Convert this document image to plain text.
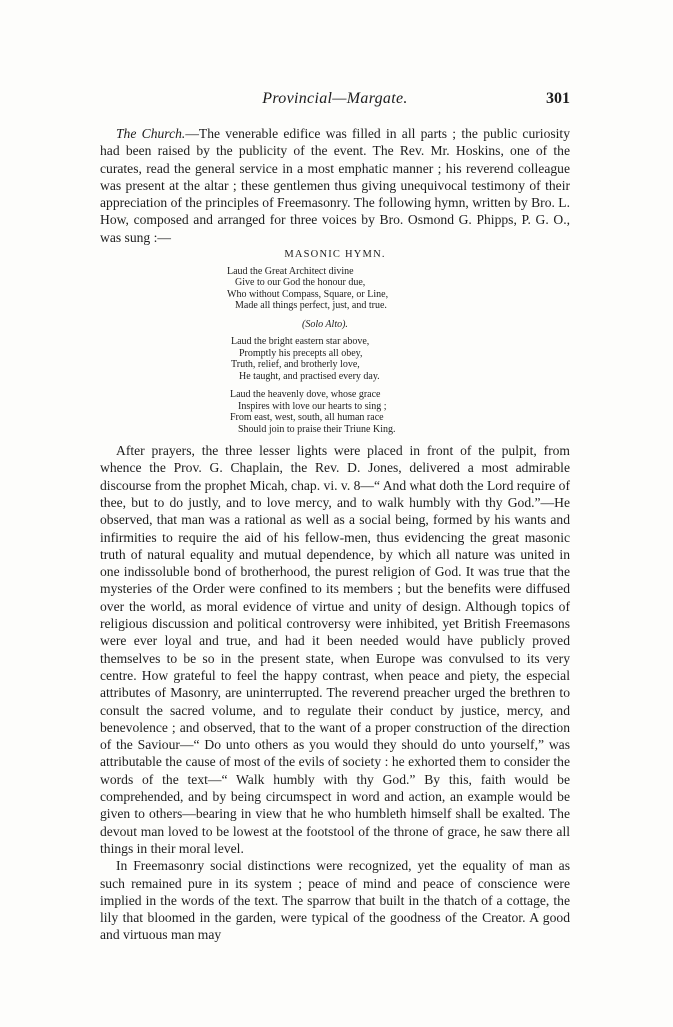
Provincial—Margate.	301

The Church.—The venerable edifice was filled in all parts ; the public curiosity had been raised by the publicity of the event. The Rev. Mr. Hoskins, one of the curates, read the general service in a most emphatic manner ; his reverend colleague was present at the altar ; these gentlemen thus giving unequivocal testimony of their appreciation of the principles of Freemasonry. The following hymn, written by Bro. L. How, composed and arranged for three voices by Bro. Osmond G. Phipps, P. G. O., was sung :—

MASONIC HYMN.
Laud the Great Architect divine
Give to our God the honour due,
Who without Compass, Square, or Line,
Made all things perfect, just, and true.
(Solo Alto).
Laud the bright eastern star above,
Promptly his precepts all obey,
Truth, relief, and brotherly love,
He taught, and practised every day.
Laud the heavenly dove, whose grace
Inspires with love our hearts to sing ;
From east, west, south, all human race
Should join to praise their Triune King.

After prayers, the three lesser lights were placed in front of the pulpit, from whence the Prov. G. Chaplain, the Rev. D. Jones, delivered a most admirable discourse from the prophet Micah, chap. vi. v. 8—“ And what doth the Lord require of thee, but to do justly, and to love mercy, and to walk humbly with thy God.”—He observed, that man was a rational as well as a social being, formed by his wants and infirmities to require the aid of his fellow-men, thus evidencing the great masonic truth of natural equality and mutual dependence, by which all nature was united in one indissoluble bond of brotherhood, the purest religion of God. It was true that the mysteries of the Order were confined to its members ; but the benefits were diffused over the world, as moral evidence of virtue and unity of design. Although topics of religious discussion and political controversy were inhibited, yet British Freemasons were ever loyal and true, and had it been needed would have publicly proved themselves to be so in the present state, when Europe was convulsed to its very centre. How grateful to feel the happy contrast, when peace and piety, the especial attributes of Masonry, are uninterrupted. The reverend preacher urged the brethren to consult the sacred volume, and to regulate their conduct by justice, mercy, and benevolence ; and observed, that to the want of a proper construction of the direction of the Saviour—“ Do unto others as you would they should do unto yourself,” was attributable the cause of most of the evils of society : he exhorted them to consider the words of the text—“ Walk humbly with thy God.” By this, faith would be comprehended, and by being circumspect in word and action, an example would be given to others—bearing in view that he who humbleth himself shall be exalted. The devout man loved to be lowest at the footstool of the throne of grace, he saw there all things in their moral level.

In Freemasonry social distinctions were recognized, yet the equality of man as such remained pure in its system ; peace of mind and peace of conscience were implied in the words of the text. The sparrow that built in the thatch of a cottage, the lily that bloomed in the garden, were typical of the goodness of the Creator. A good and virtuous man may
